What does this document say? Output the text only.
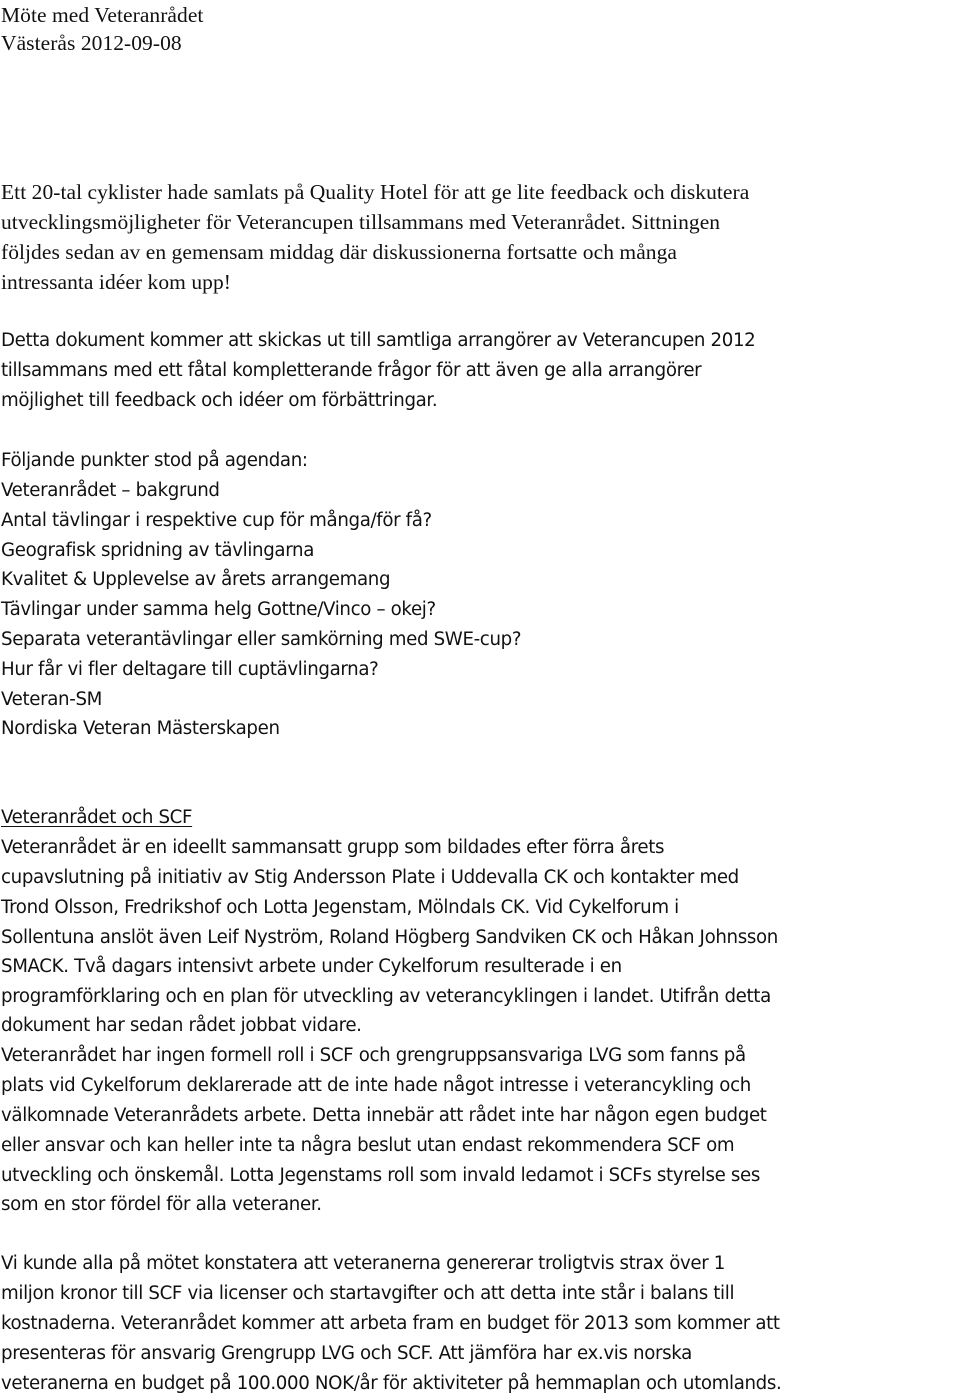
Möte med Veteranrådet
Västerås 2012-09-08
Ett 20-tal cyklister hade samlats på Quality Hotel för att ge lite feedback och diskutera
utvecklingsmöjligheter för Veterancupen tillsammans med Veteranrådet. Sittningen
följdes sedan av en gemensam middag där diskussionerna fortsatte och många
intressanta idéer kom upp!
Detta dokument kommer att skickas ut till samtliga arrangörer av Veterancupen 2012
tillsammans med ett fåtal kompletterande frågor för att även ge alla arrangörer
möjlighet till feedback och idéer om förbättringar.
Följande punkter stod på agendan:
Veteranrådet – bakgrund
Antal tävlingar i respektive cup för många/för få?
Geografisk spridning av tävlingarna
Kvalitet & Upplevelse av årets arrangemang
Tävlingar under samma helg Gottne/Vinco – okej?
Separata veterantävlingar eller samkörning med SWE-cup?
Hur får vi fler deltagare till cuptävlingarna?
Veteran-SM
Nordiska Veteran Mästerskapen
Veteranrådet och SCF
Veteranrådet är en ideellt sammansatt grupp som bildades efter förra årets
cupavslutning på initiativ av Stig Andersson Plate i Uddevalla CK och kontakter med
Trond Olsson, Fredrikshof och Lotta Jegenstam, Mölndals CK. Vid Cykelforum i
Sollentuna anslöt även Leif Nyström, Roland Högberg Sandviken CK och Håkan Johnsson
SMACK. Två dagars intensivt arbete under Cykelforum resulterade i en
programförklaring och en plan för utveckling av veterancyklingen i landet. Utifrån detta
dokument har sedan rådet jobbat vidare.
Veteranrådet har ingen formell roll i SCF och grengruppsansvariga LVG som fanns på
plats vid Cykelforum deklarerade att de inte hade något intresse i veterancykling och
välkomnade Veteranrådets arbete. Detta innebär att rådet inte har någon egen budget
eller ansvar och kan heller inte ta några beslut utan endast rekommendera SCF om
utveckling och önskemål. Lotta Jegenstams roll som invald ledamot i SCFs styrelse ses
som en stor fördel för alla veteraner.
Vi kunde alla på mötet konstatera att veteranerna genererar troligtvis strax över 1
miljon kronor till SCF via licenser och startavgifter och att detta inte står i balans till
kostnaderna. Veteranrådet kommer att arbeta fram en budget för 2013 som kommer att
presenteras för ansvarig Grengrupp LVG och SCF. Att jämföra har ex.vis norska
veteranerna en budget på 100.000 NOK/år för aktiviteter på hemmaplan och utomlands.
